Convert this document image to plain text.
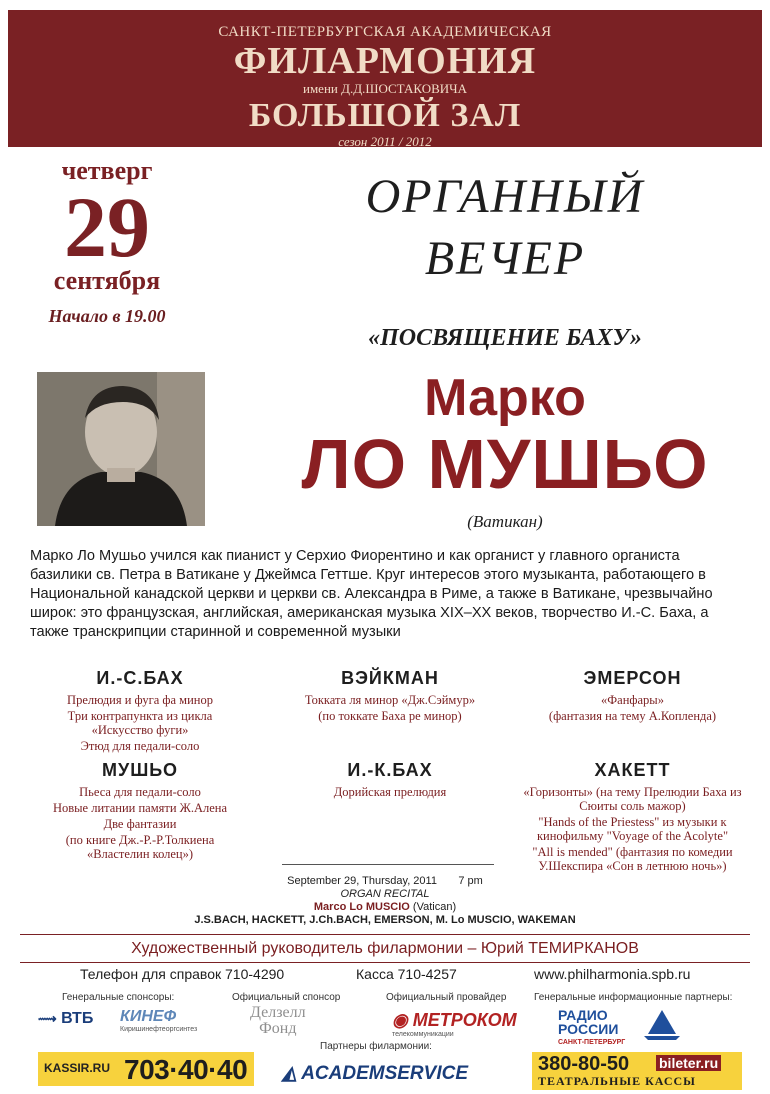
САНКТ-ПЕТЕРБУРГСКАЯ АКАДЕМИЧЕСКАЯ
ФИЛАРМОНИЯ
имени Д.Д.ШОСТАКОВИЧА
БОЛЬШОЙ ЗАЛ
сезон 2011 / 2012
четверг
29
сентября
Начало в 19.00
ОРГАННЫЙ
ВЕЧЕР
«ПОСВЯЩЕНИЕ БАХУ»
Марко
ЛО МУШЬО
(Ватикан)
Марко Ло Мушьо учился как пианист у Серхио Фиорентино и как органист у главного органиста базилики св. Петра в Ватикане у Джеймса Геттше. Круг интересов этого музыканта, работающего в Национальной канадской церкви и церкви св. Александра в Риме, а также в Ватикане, чрезвычайно широк: это французская, английская, американская музыка XIX–XX веков, творчество И.-С. Баха, а также транскрипции старинной и современной музыки
И.-С.БАХ
Прелюдия и фуга фа минор
Три контрапункта из цикла «Искусство фуги»
Этюд для педали-соло
МУШЬО
Пьеса для педали-соло
Новые литании памяти Ж.Алена
Две фантазии
(по книге Дж.-Р.-Р.Толкиена «Властелин колец»)
ВЭЙКМАН
Токката ля минор «Дж.Сэймур»
(по токкате Баха ре минор)
И.-К.БАХ
Дорийская прелюдия
ЭМЕРСОН
«Фанфары»
(фантазия на тему А.Копленда)
ХАКЕТТ
«Горизонты» (на тему Прелюдии Баха из Сюиты соль мажор)
"Hands of the Priestess" из музыки к кинофильму "Voyage of the Acolyte"
"All is mended" (фантазия по комедии У.Шекспира «Сон в летнюю ночь»)
September 29, Thursday, 2011 7 pm
ORGAN RECITAL
Marco Lo MUSCIO (Vatican)
J.S.BACH, HACKETT, J.Ch.BACH, EMERSON, M. Lo MUSCIO, WAKEMAN
Художественный руководитель филармонии – Юрий ТЕМИРКАНОВ
Телефон для справок 710-4290	Касса 710-4257	www.philharmonia.spb.ru
Генеральные спонсоры:	Официальный спонсор	Официальный провайдер	Генеральные информационные партнеры:
⟿ ВТБ КИНЕФ
Киришинефтеоргсинтез
Делзелл
Фонд	◉ МЕТРОКОМ
телекоммуникации
РАДИО
РОССИИ
САНКТ-ПЕТЕРБУРГ
KASSIR.RU 703·40·40
Партнеры филармонии:
◭ ACADEMSERVICE	380-80-50 bileter.ru
ТЕАТРАЛЬНЫЕ КАССЫ
